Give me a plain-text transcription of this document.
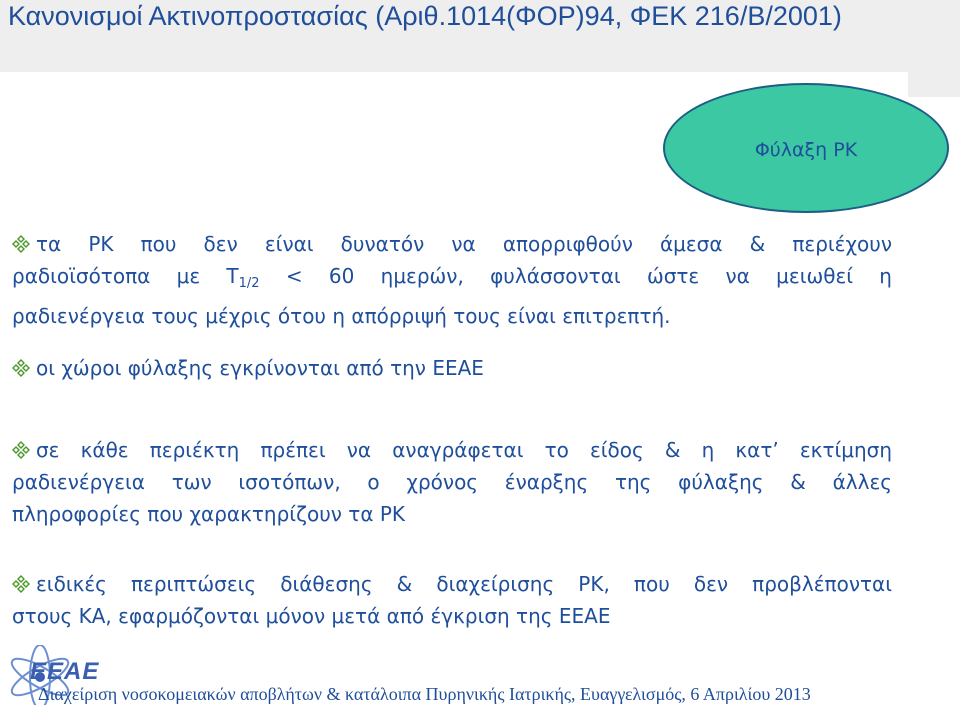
Κανονισμοί Ακτινοπροστασίας (Αριθ.1014(ΦΟΡ)94, ΦΕΚ 216/Β/2001)
Φύλαξη ΡΚ
τα ΡΚ που δεν είναι δυνατόν να απορριφθούν άμεσα & περιέχουν
ραδιοϊσότοπα με $T_{1/2} < 60$ ημερών, φυλάσσονται ώστε να μειωθεί η
ραδιενέργεια τους μέχρις ότου η απόρριψή τους είναι επιτρεπτή.
οι χώροι φύλαξης εγκρίνονται από την ΕΕΑΕ
σε κάθε περιέκτη πρέπει να αναγράφεται το είδος & η κατ’ εκτίμηση
ραδιενέργεια των ισοτόπων, ο χρόνος έναρξης της φύλαξης & άλλες
πληροφορίες που χαρακτηρίζουν τα ΡΚ
ειδικές περιπτώσεις διάθεσης & διαχείρισης ΡΚ, που δεν προβλέπονται
στους ΚΑ, εφαρμόζονται μόνον μετά από έγκριση της ΕΕΑΕ
ΕΕΑΕ
Διαχείριση νοσοκομειακών αποβλήτων & κατάλοιπα Πυρηνικής Ιατρικής, Ευαγγελισμός, 6 Απριλίου 2013
